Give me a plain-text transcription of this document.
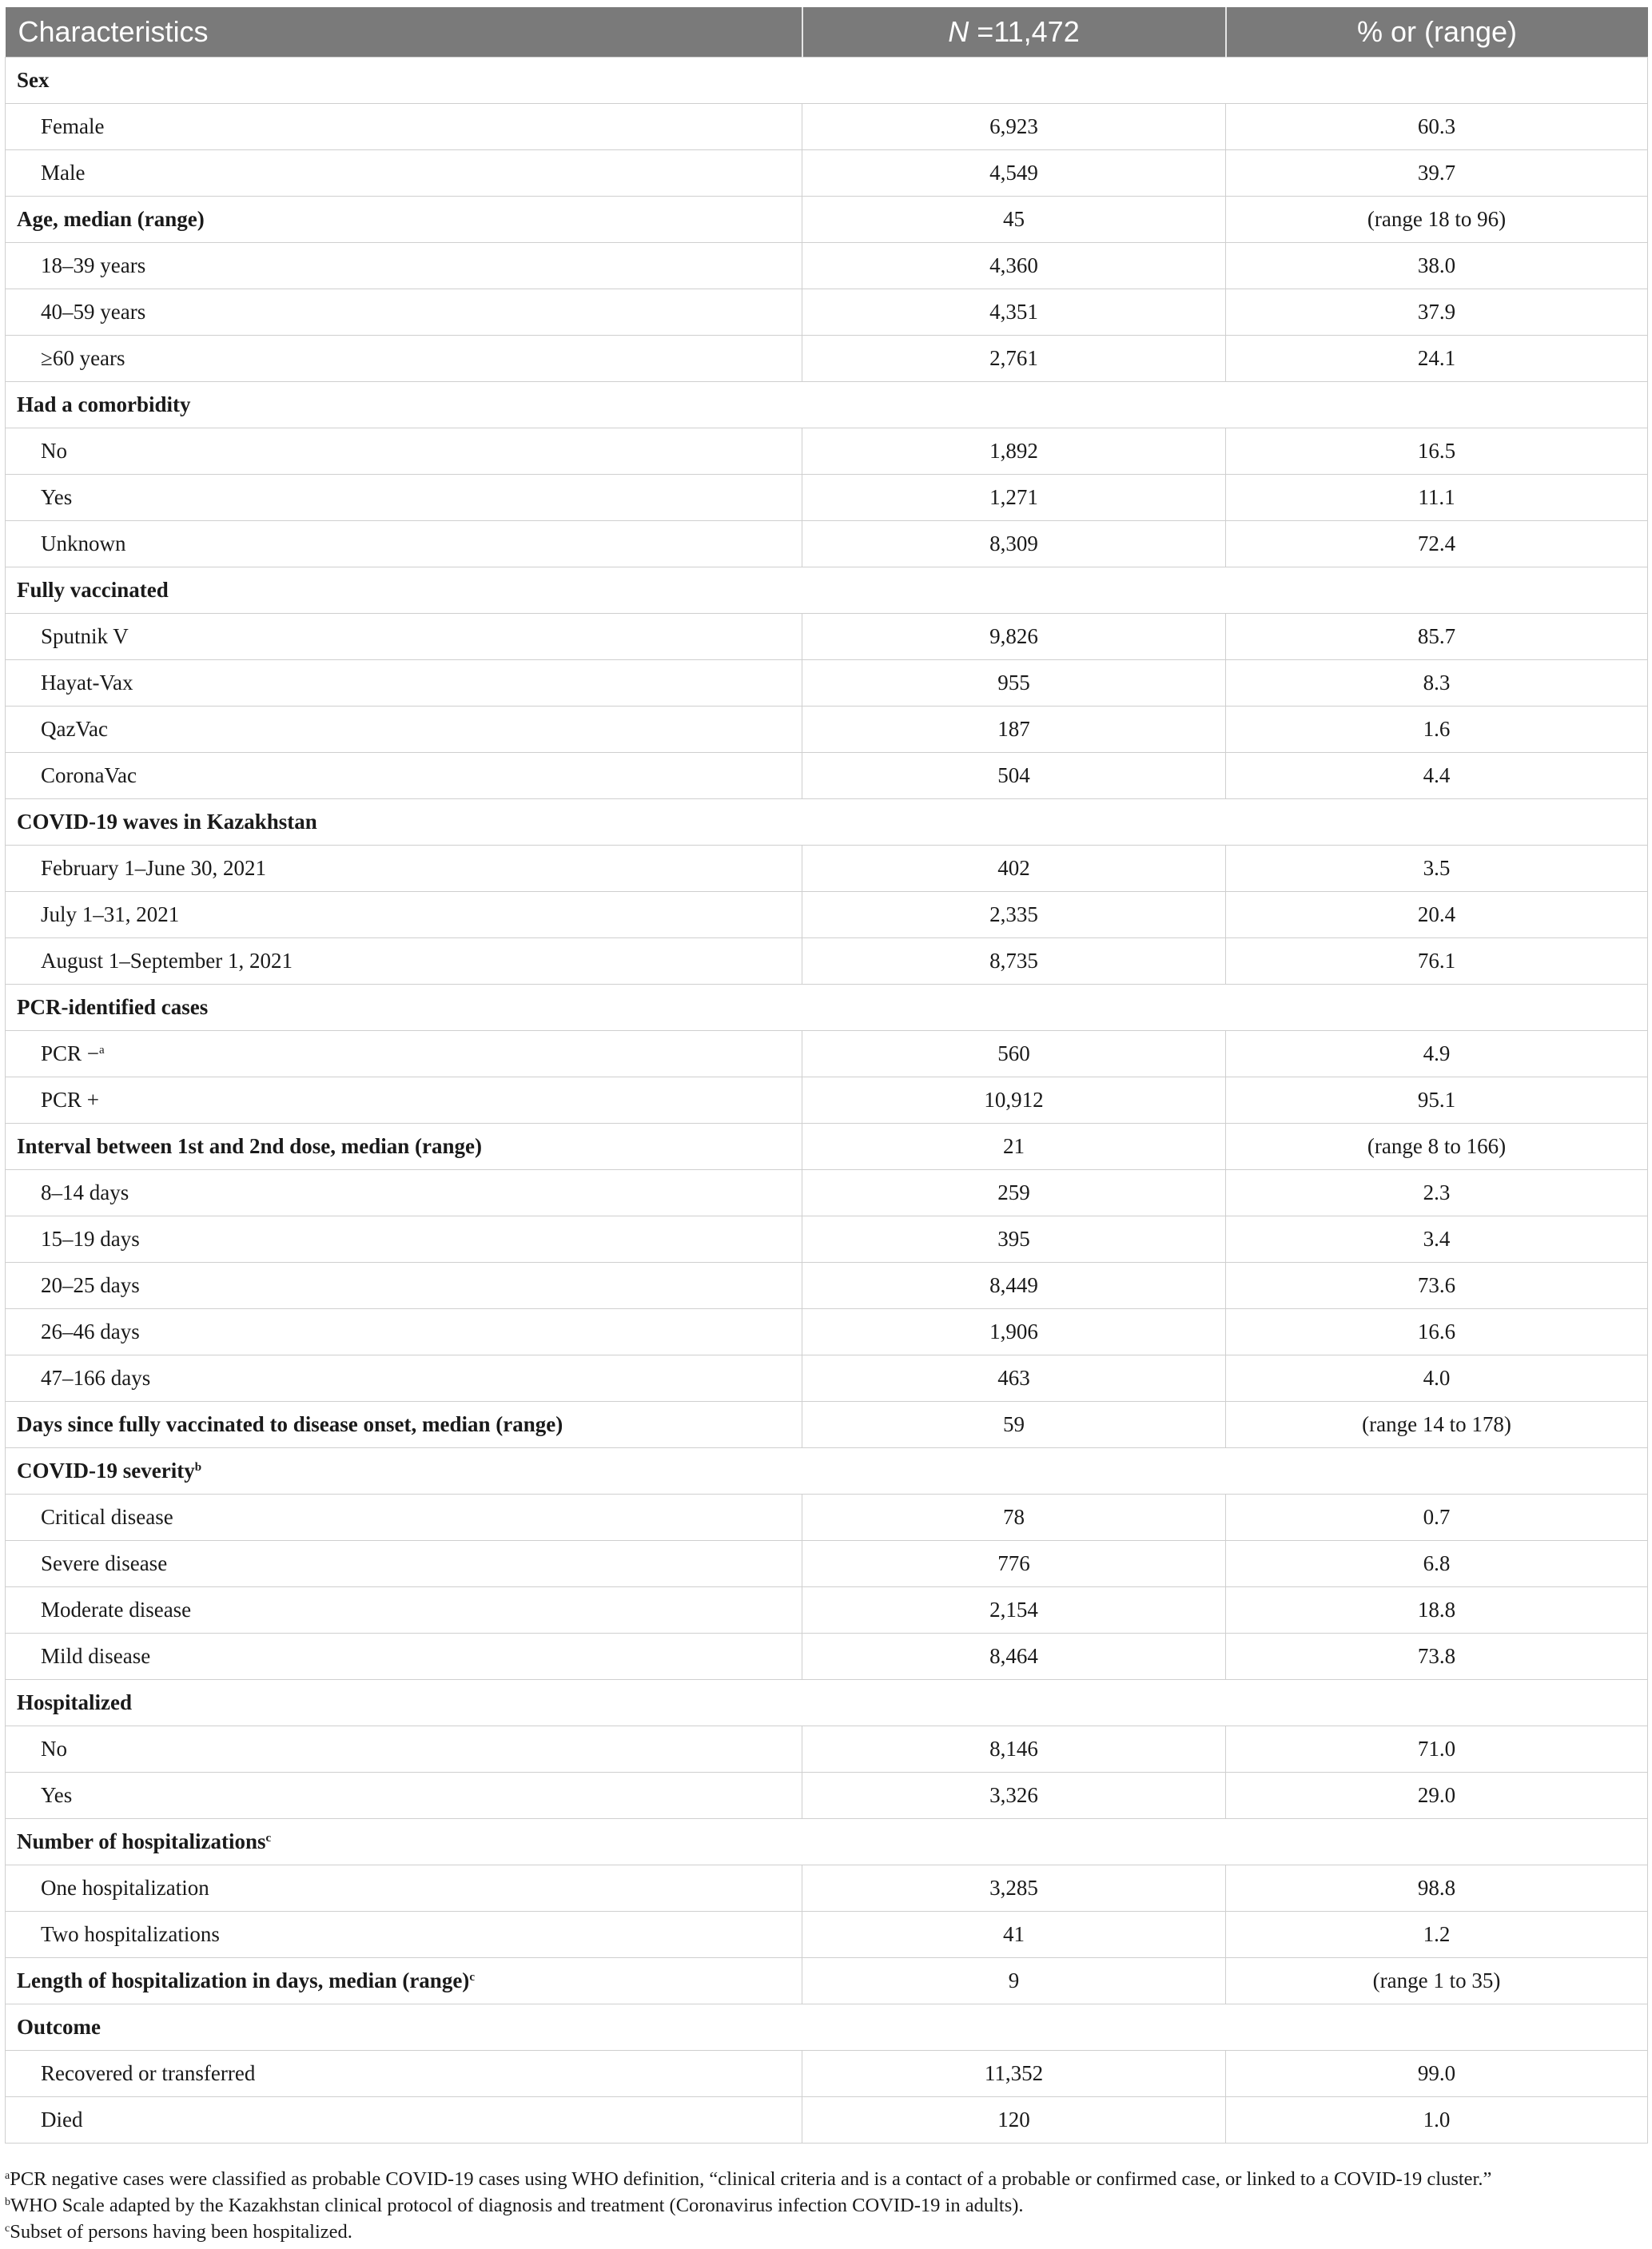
Characteristics	N =11,472	% or (range)
Sex		
Female	6,923	60.3
Male	4,549	39.7
Age, median (range)	45	(range 18 to 96)
18–39 years	4,360	38.0
40–59 years	4,351	37.9
≥60 years	2,761	24.1
Had a comorbidity		
No	1,892	16.5
Yes	1,271	11.1
Unknown	8,309	72.4
Fully vaccinated		
Sputnik V	9,826	85.7
Hayat-Vax	955	8.3
QazVac	187	1.6
CoronaVac	504	4.4
COVID-19 waves in Kazakhstan		
February 1–June 30, 2021	402	3.5
July 1–31, 2021	2,335	20.4
August 1–September 1, 2021	8,735	76.1
PCR-identified cases		
PCR −$^a$	560	4.9
PCR +	10,912	95.1
Interval between 1st and 2nd dose, median (range)	21	(range 8 to 166)
8–14 days	259	2.3
15–19 days	395	3.4
20–25 days	8,449	73.6
26–46 days	1,906	16.6
47–166 days	463	4.0
Days since fully vaccinated to disease onset, median (range)	59	(range 14 to 178)
COVID-19 severity$^b$
Critical disease	78	0.7
Severe disease	776	6.8
Moderate disease	2,154	18.8
Mild disease	8,464	73.8
Hospitalized		
No	8,146	71.0
Yes	3,326	29.0
Number of hospitalizations$^c$
One hospitalization	3,285	98.8
Two hospitalizations	41	1.2
Length of hospitalization in days, median (range)$^c$	9	(range 1 to 35)
Outcome		
Recovered or transferred	11,352	99.0
Died	120	1.0
$^a$PCR negative cases were classified as probable COVID-19 cases using WHO definition, “clinical criteria and is a contact of a probable or confirmed case, or linked to a COVID-19 cluster.”
$^b$WHO Scale adapted by the Kazakhstan clinical protocol of diagnosis and treatment (Coronavirus infection COVID-19 in adults).
$^c$Subset of persons having been hospitalized.
